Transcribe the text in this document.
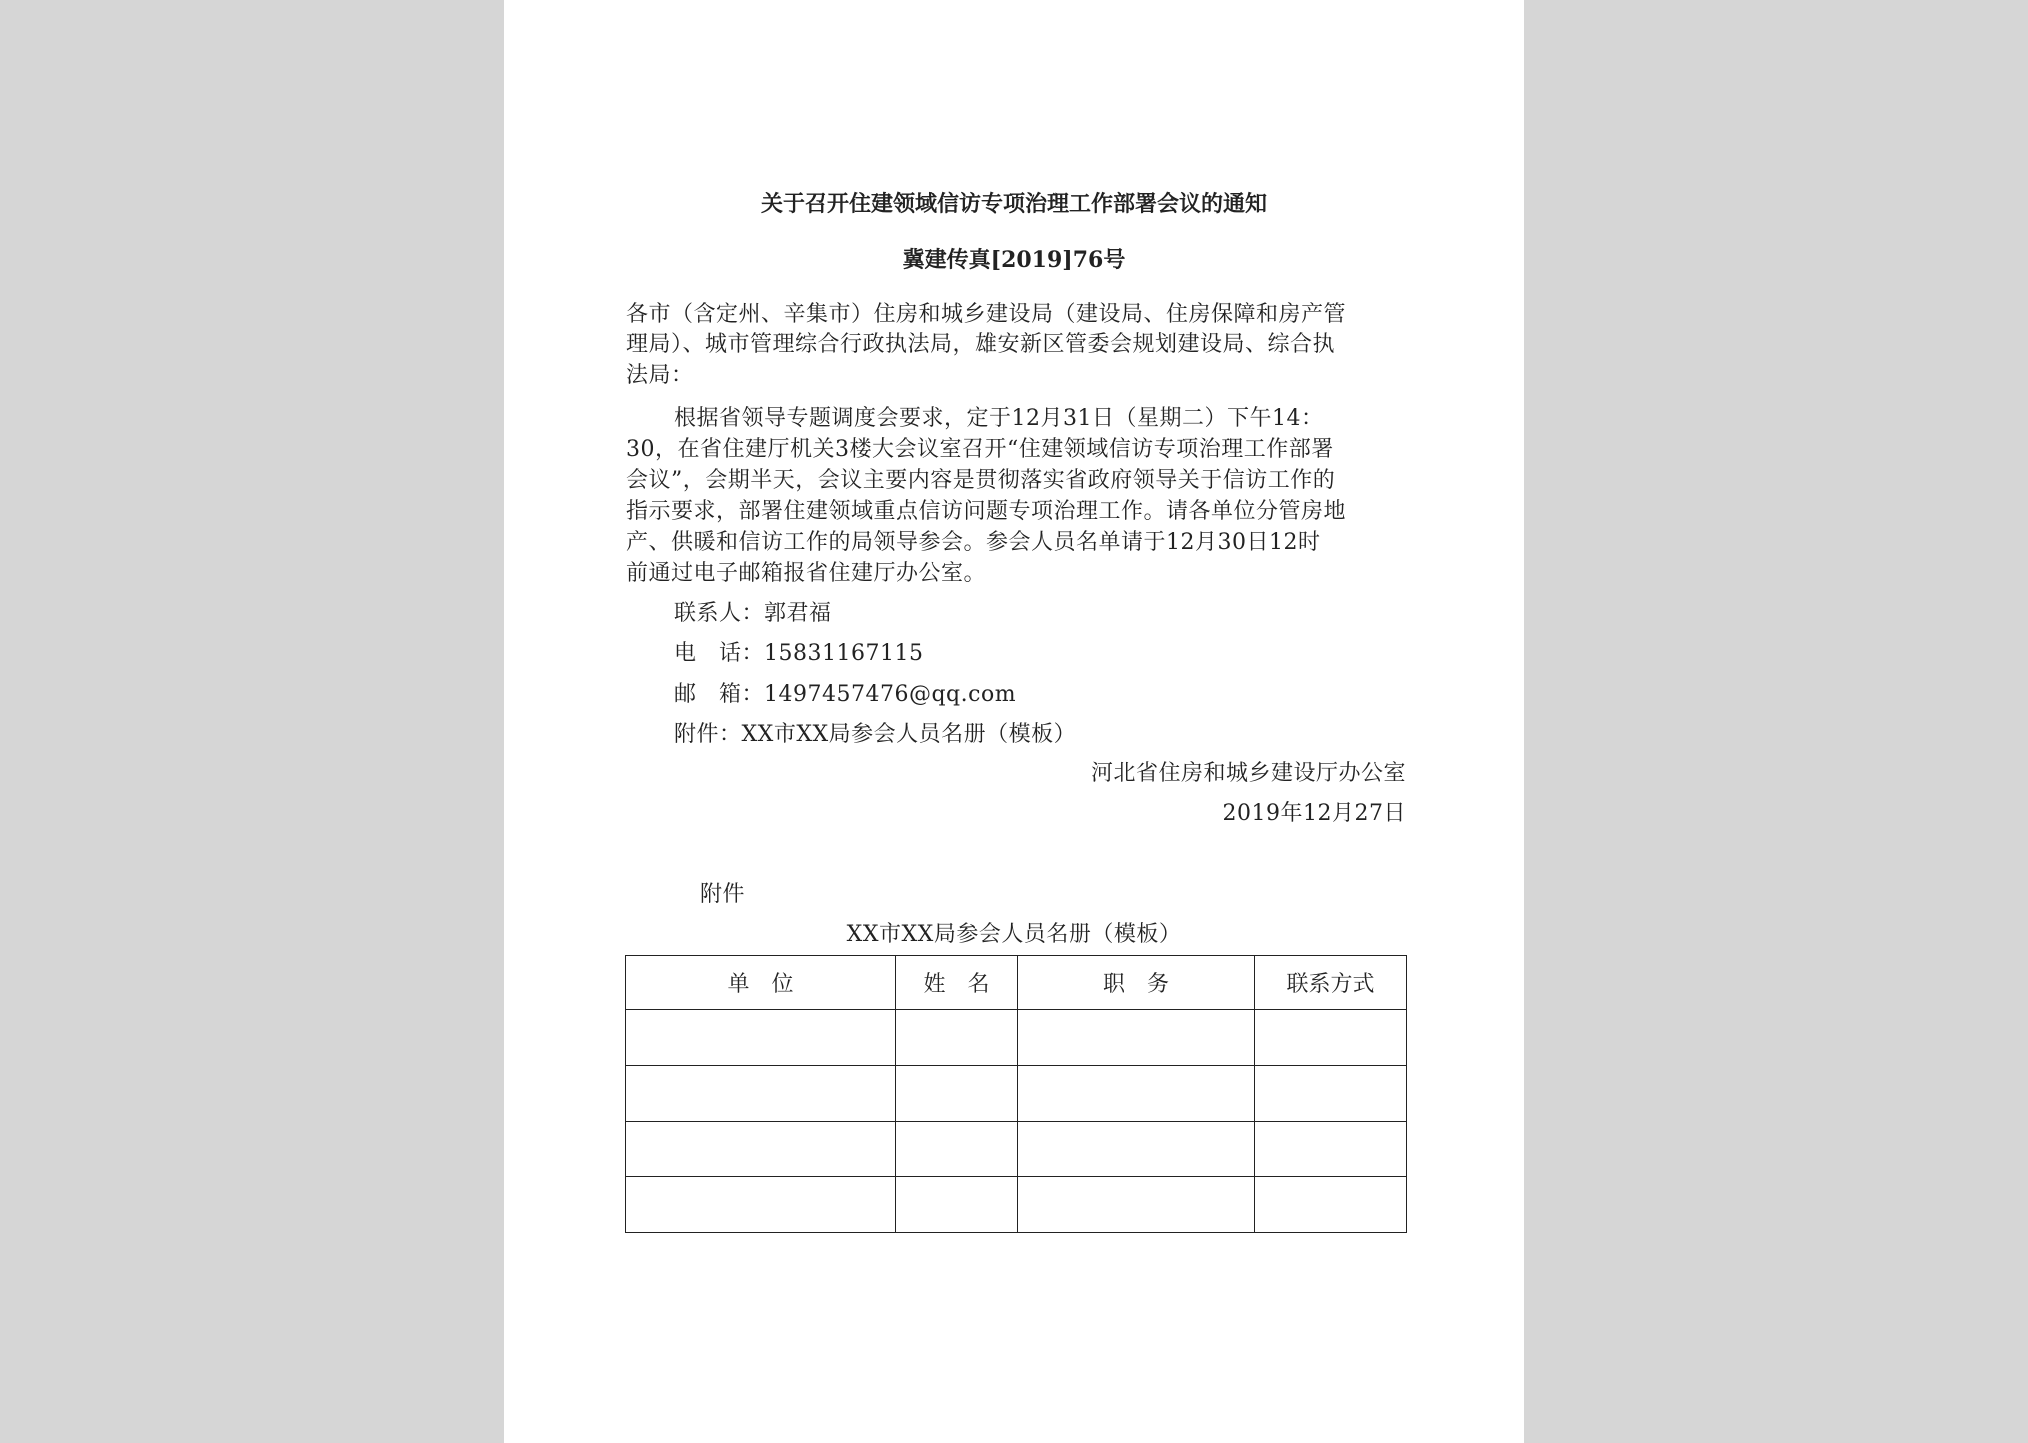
关于召开住建领域信访专项治理工作部署会议的通知
冀建传真[2019]76号
各市（含定州、辛集市）住房和城乡建设局（建设局、住房保障和房产管
理局）、城市管理综合行政执法局，雄安新区管委会规划建设局、综合执
法局：
根据省领导专题调度会要求，定于12月31日（星期二）下午14：
30，在省住建厅机关3楼大会议室召开“住建领域信访专项治理工作部署
会议”，会期半天，会议主要内容是贯彻落实省政府领导关于信访工作的
指示要求，部署住建领域重点信访问题专项治理工作。请各单位分管房地
产、供暖和信访工作的局领导参会。参会人员名单请于12月30日12时
前通过电子邮箱报省住建厅办公室。
联系人：郭君福
电　话：15831167115
邮　箱：1497457476@qq.com
附件：XX市XX局参会人员名册（模板）
河北省住房和城乡建设厅办公室
2019年12月27日
附件
XX市XX局参会人员名册（模板）
单　位	姓　名	职　务	联系方式
